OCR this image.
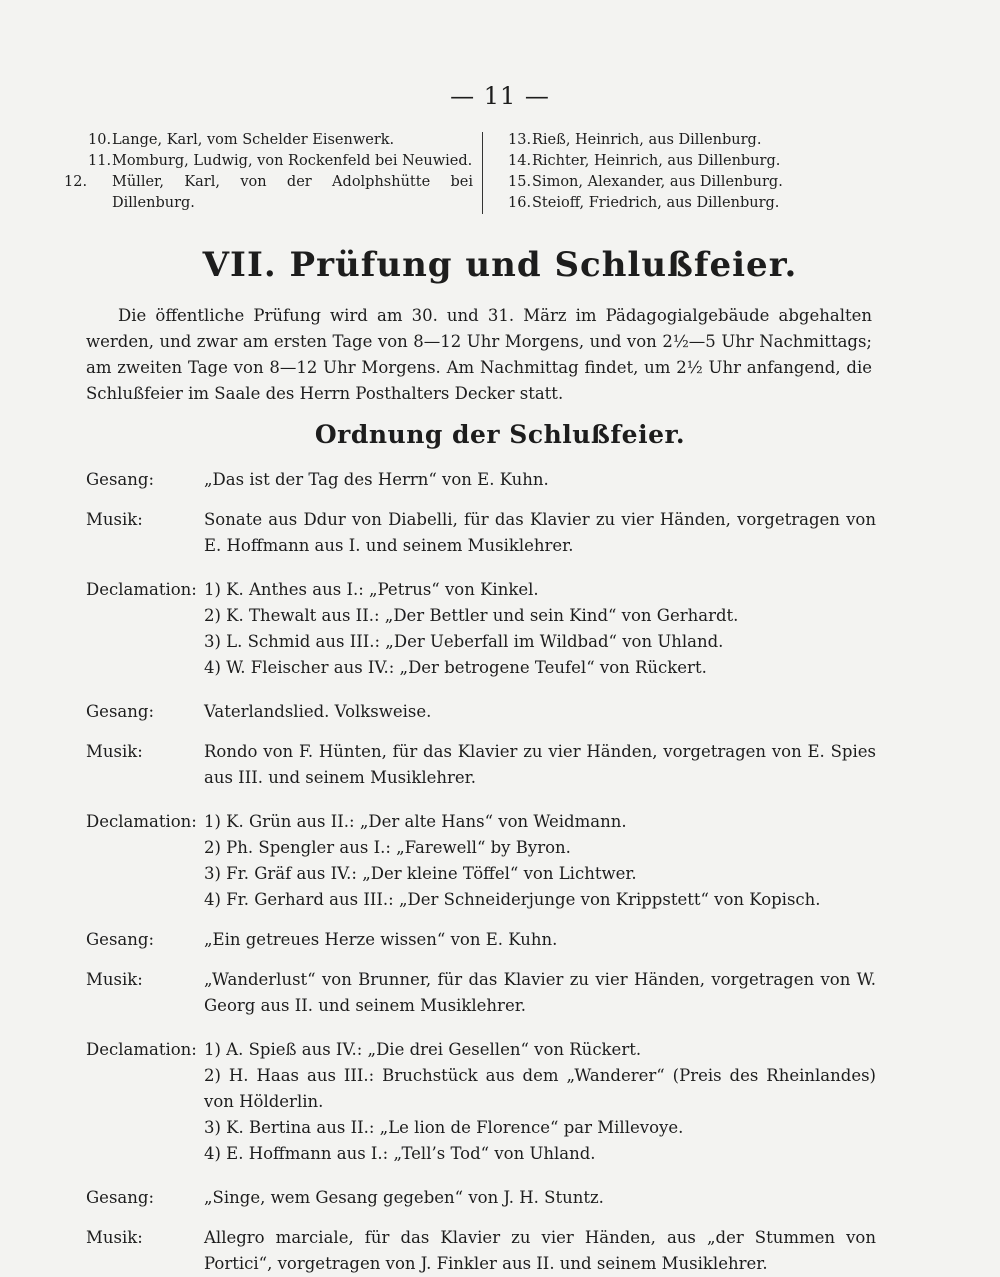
— 11 —
10.Lange, Karl, vom Schelder Eisenwerk.
11.Momburg, Ludwig, von Rockenfeld bei Neuwied.
12. Müller, Karl, von der Adolphshütte bei Dillenburg.
13.Rieß, Heinrich, aus Dillenburg.
14.Richter, Heinrich, aus Dillenburg.
15.Simon, Alexander, aus Dillenburg.
16.Steioff, Friedrich, aus Dillenburg.
VII. Prüfung und Schlußfeier.
Die öffentliche Prüfung wird am 30. und 31. März im Pädagogialgebäude abgehalten werden, und zwar am ersten Tage von 8—12 Uhr Morgens, und von 2½—5 Uhr Nachmittags; am zweiten Tage von 8—12 Uhr Morgens. Am Nachmittag findet, um 2½ Uhr anfangend, die Schlußfeier im Saale des Herrn Posthalters Decker statt.
Ordnung der Schlußfeier.
Gesang:	„Das ist der Tag des Herrn“ von E. Kuhn.
Musik:	Sonate aus Ddur von Diabelli, für das Klavier zu vier Händen, vorgetragen von E. Hoffmann aus I. und seinem Musiklehrer.
Declamation: 1) K. Anthes aus I.: „Petrus“ von Kinkel.
2) K. Thewalt aus II.: „Der Bettler und sein Kind“ von Gerhardt.
3) L. Schmid aus III.: „Der Ueberfall im Wildbad“ von Uhland.
4) W. Fleischer aus IV.: „Der betrogene Teufel“ von Rückert.
Gesang:	Vaterlandslied. Volksweise.
Musik:	Rondo von F. Hünten, für das Klavier zu vier Händen, vorgetragen von E. Spies aus III. und seinem Musiklehrer.
Declamation: 1) K. Grün aus II.: „Der alte Hans“ von Weidmann.
2) Ph. Spengler aus I.: „Farewell“ by Byron.
3) Fr. Gräf aus IV.: „Der kleine Töffel“ von Lichtwer.
4) Fr. Gerhard aus III.: „Der Schneiderjunge von Krippstett“ von Kopisch.
Gesang:	„Ein getreues Herze wissen“ von E. Kuhn.
Musik:	„Wanderlust“ von Brunner, für das Klavier zu vier Händen, vorgetragen von W. Georg aus II. und seinem Musiklehrer.
Declamation: 1) A. Spieß aus IV.: „Die drei Gesellen“ von Rückert.
2) H. Haas aus III.: Bruchstück aus dem „Wanderer“ (Preis des Rheinlandes) von Hölderlin.
3) K. Bertina aus II.: „Le lion de Florence“ par Millevoye.
4) E. Hoffmann aus I.: „Tell’s Tod“ von Uhland.
Gesang:	„Singe, wem Gesang gegeben“ von J. H. Stuntz.
Musik:	Allegro marciale, für das Klavier zu vier Händen, aus „der Stummen von Portici“, vorgetragen von J. Finkler aus II. und seinem Musiklehrer.
